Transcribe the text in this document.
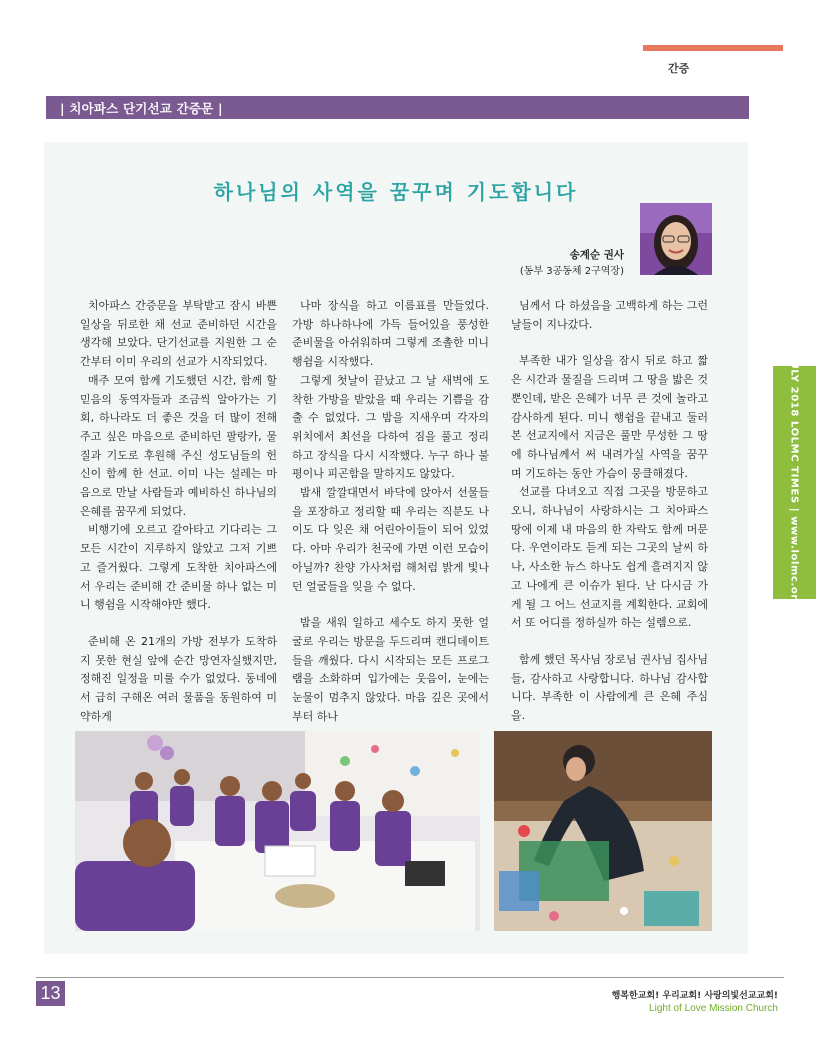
간증
| 치아파스 단기선교 간증문 |
하나님의 사역을 꿈꾸며 기도합니다
송계순 권사
(동부 3공동체 2구역장)

치아파스 간증문을 부탁받고 잠시 바쁜 일상을 뒤로한 채 선교 준비하던 시간을 생각해 보았다. 단기선교를 지원한 그 순간부터 이미 우리의 선교가 시작되었다.

매주 모여 함께 기도했던 시간, 함께 할 믿음의 동역자들과 조금씩 알아가는 기회, 하나라도 더 좋은 것을 더 많이 전해주고 싶은 마음으로 준비하던 팔랑카, 물질과 기도로 후원해 주신 성도님들의 헌신이 함께 한 선교. 이미 나는 설레는 마음으로 만날 사람들과 예비하신 하나님의 은혜를 꿈꾸게 되었다.

비행기에 오르고 갈아타고 기다리는 그 모든 시간이 지루하지 않았고 그저 기쁘고 즐거웠다. 그렇게 도착한 치아파스에서 우리는 준비해 간 준비물 하나 없는 미니 행쉼을 시작해야만 했다.

준비해 온 21개의 가방 전부가 도착하지 못한 현실 앞에 순간 망연자실했지만, 정해진 일정을 미룰 수가 없었다. 동네에서 급히 구해온 여러 물품을 동원하여 미약하게

나마 장식을 하고 이름표를 만들었다. 가방 하나하나에 가득 들어있을 풍성한 준비물을 아쉬워하며 그렇게 조촐한 미니 행쉼을 시작했다.

그렇게 첫날이 끝났고 그 날 새벽에 도착한 가방을 받았을 때 우리는 기쁨을 감출 수 없었다. 그 밤을 지새우며 각자의 위치에서 최선을 다하여 짐을 풀고 정리하고 장식을 다시 시작했다. 누구 하나 불평이나 피곤함을 말하지도 않았다.

밤새 깔깔대면서 바닥에 앉아서 선물들을 포장하고 정리할 때 우리는 직분도 나이도 다 잊은 채 어린아이들이 되어 있었다. 아마 우리가 천국에 가면 이런 모습이 아닐까? 찬양 가사처럼 해처럼 밝게 빛나던 얼굴들을 잊을 수 없다.

밤을 새워 일하고 세수도 하지 못한 얼굴로 우리는 방문을 두드리며 캔디데이트들을 깨웠다. 다시 시작되는 모든 프로그램을 소화하며 입가에는 웃음이, 눈에는 눈물이 멈추지 않았다. 마음 깊은 곳에서부터 하나

님께서 다 하셨음을 고백하게 하는 그런 날들이 지나갔다.

부족한 내가 일상을 잠시 뒤로 하고 짧은 시간과 물질을 드리며 그 땅을 밟은 것뿐인데, 받은 은혜가 너무 큰 것에 놀라고 감사하게 된다. 미니 행쉼을 끝내고 둘러본 선교지에서 지금은 풀만 무성한 그 땅에 하나님께서 써 내려가실 사역을 꿈꾸며 기도하는 동안 가슴이 뭉클해졌다.

선교를 다녀오고 직접 그곳을 방문하고 오니, 하나님이 사랑하시는 그 치아파스 땅에 이제 내 마음의 한 자락도 함께 머문다. 우연이라도 듣게 되는 그곳의 날씨 하나, 사소한 뉴스 하나도 쉽게 흘려지지 않고 나에게 큰 이슈가 된다. 난 다시금 가게 될 그 어느 선교지를 계획한다. 교회에서 또 어디를 정하실까 하는 설렘으로.

함께 했던 목사님 장로님 권사님 집사님들, 감사하고 사랑합니다. 하나님 감사합니다. 부족한 이 사람에게 큰 은혜 주심을.

JULY 2018 LOLMC TIMES | www.lolmc.org
13	행복한교회! 우리교회! 사랑의빛선교교회!
Light of Love Mission Church
